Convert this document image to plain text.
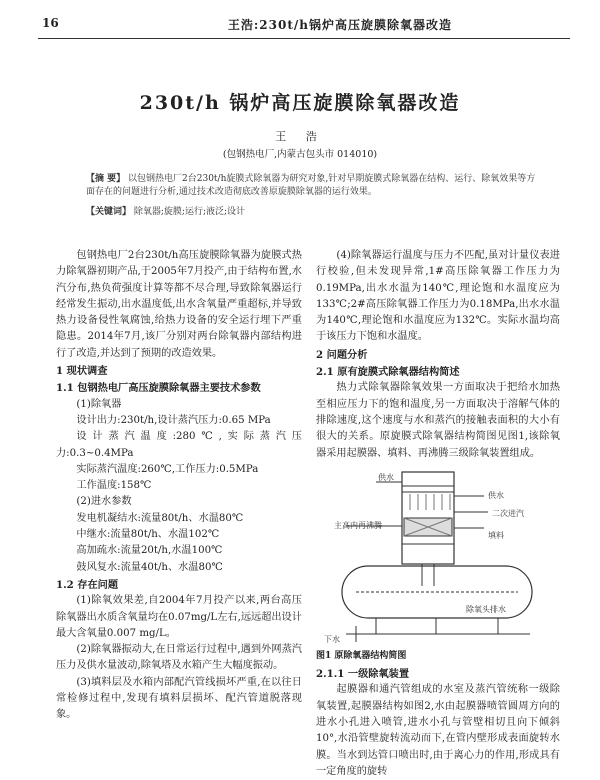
16	王浩:230t/h锅炉高压旋膜除氧器改造
230t/h 锅炉高压旋膜除氧器改造
王 浩
(包钢热电厂,内蒙古包头市 014010)
【摘 要】 以包钢热电厂2台230t/h旋膜式除氧器为研究对象,针对早期旋膜式除氧器在结构、运行、除氧效果等方面存在的问题进行分析,通过技术改造彻底改善原旋膜除氧器的运行效果。
【关键词】 除氧器;旋膜;运行;液泛;设计

包钢热电厂2台230t/h高压旋膜除氧器为旋膜式热力除氧器初期产品,于2005年7月投产,由于结构布置,水汽分布,热负荷强度计算等都不尽合理,导致除氧器运行经常发生振动,出水温度低,出水含氧量严重超标,并导致热力设备侵性氧腐蚀,给热力设备的安全运行埋下严重隐患。2014年7月,该厂分别对两台除氧器内部结构进行了改造,并达到了预期的改造效果。

1 现状调查

1.1 包钢热电厂高压旋膜除氧器主要技术参数

(1)除氧器

设计出力:230t/h,设计蒸汽压力:0.65 MPa

设计蒸汽温度:280℃,实际蒸汽压力:0.3~0.4MPa

实际蒸汽温度:260℃,工作压力:0.5MPa

工作温度:158℃

(2)进水参数

发电机凝结水:流量80t/h、水温80℃

中继水:流量80t/h、水温102℃

高加疏水:流量20t/h,水温100℃

鼓风复水:流量40t/h、水温80℃

1.2 存在问题

(1)除氧效果差,自2004年7月投产以来,两台高压除氧器出水质含氧量均在0.07mg/L左右,远远超出设计最大含氧量0.007 mg/L。

(2)除氧器振动大,在日常运行过程中,遇到外网蒸汽压力及供水量波动,除氧塔及水箱产生大幅度振动。

(3)填料层及水箱内部配汽管线损坏严重,在以往日常检修过程中,发现有填料层损坏、配汽管道脱落现象。

(4)除氧器运行温度与压力不匹配,虽对计量仪表进行校验,但未发现异常,1#高压除氧器工作压力为0.19MPa,出水水温为140℃,理论饱和水温度应为133℃;2#高压除氧器工作压力为0.18MPa,出水水温为140℃,理论饱和水温度应为132℃。实际水温均高于该压力下饱和水温度。

2 问题分析

2.1 原有旋膜式除氧器结构简述

热力式除氧器除氧效果一方面取决于把给水加热至相应压力下的饱和温度,另一方面取决于溶解气体的排除速度,这个速度与水和蒸汽的接触表面积的大小有很大的关系。原旋膜式除氧器结构简图见图1,该除氧器采用起膜器、填料、再沸腾三级除氧装置组成。

供水
供水
二次进汽
主高内再沸腾
填料
除氧头排水
下水

图1 原除氧器结构简图

2.1.1 一级除氧装置

起膜器和通汽管组成的水室及蒸汽管统称一级除氧装置,起膜器结构如图2,水由起膜器喷管圆周方向的进水小孔进入喷管,进水小孔与管壁相切且向下倾斜10°,水沿管壁旋转流动而下,在管内壁形成表面旋转水膜。当水到达管口喷出时,由于离心力的作用,形成具有一定角度的旋转
